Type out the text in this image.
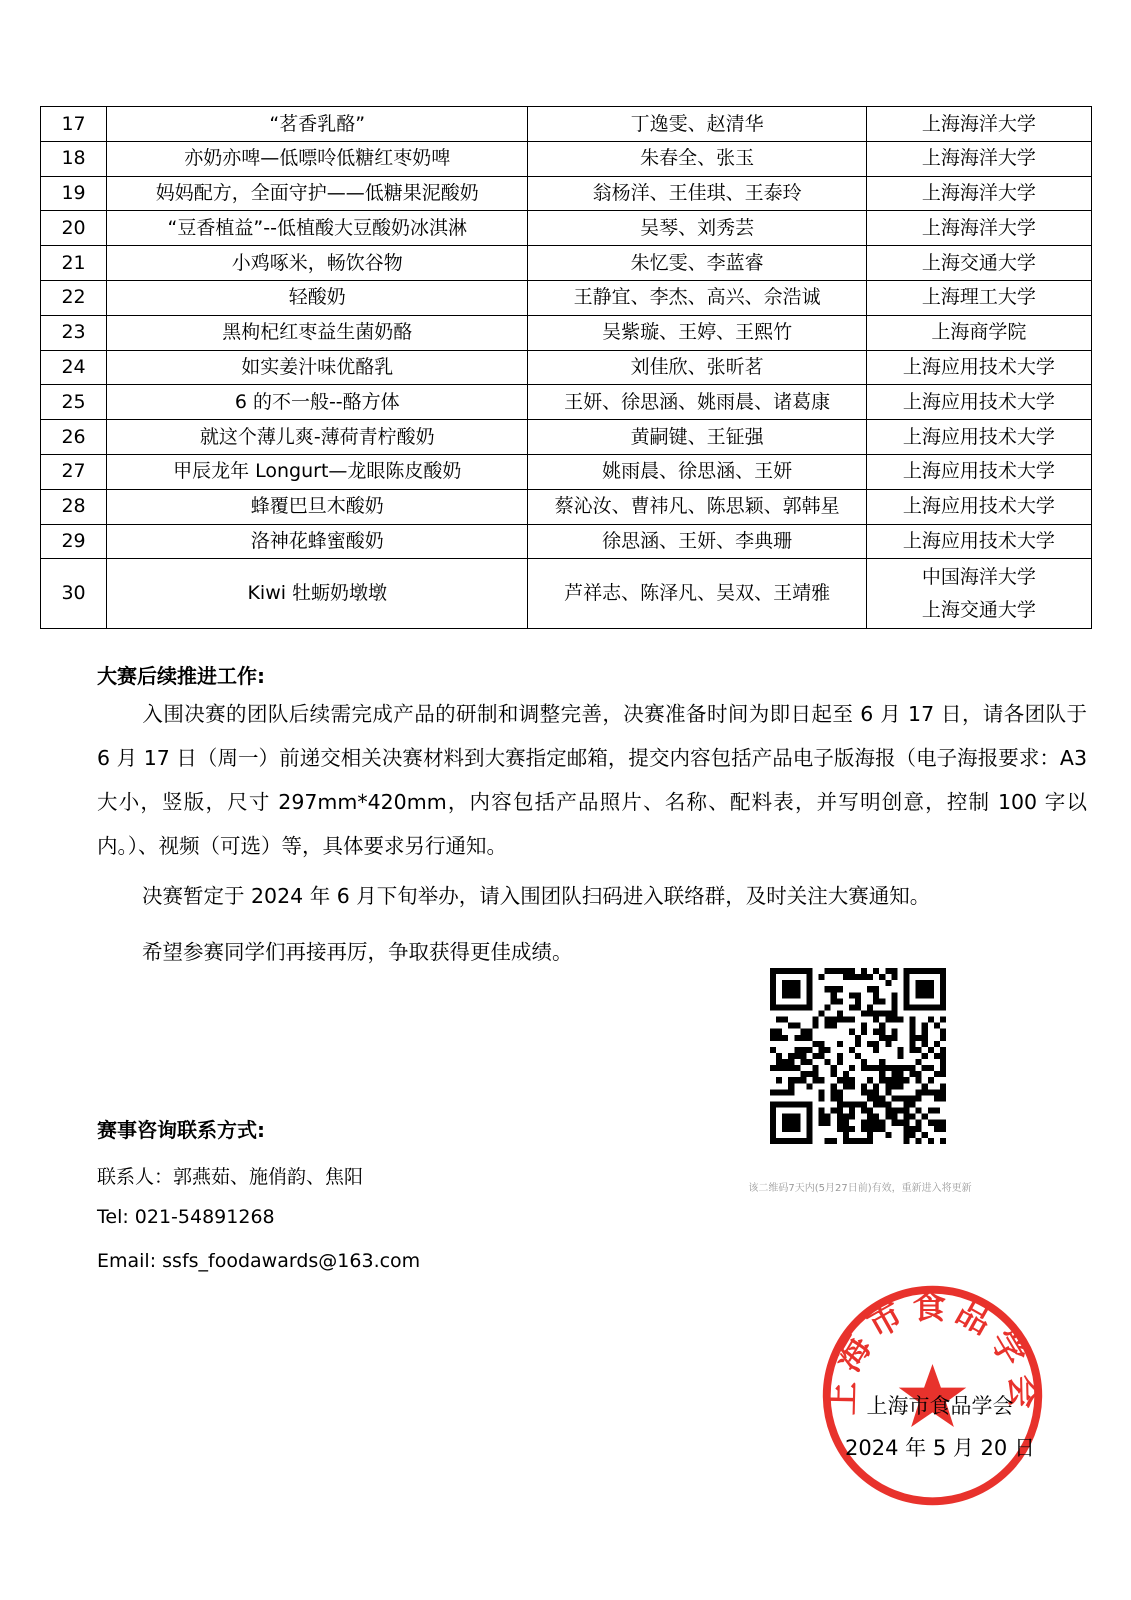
17	“茗香乳酪”	丁逸雯、赵清华	上海海洋大学

18	亦奶亦啤—低嘌呤低糖红枣奶啤	朱春全、张玉	上海海洋大学

19	妈妈配方，全面守护——低糖果泥酸奶	翁杨洋、王佳琪、王泰玲	上海海洋大学

20	“豆香植益”--低植酸大豆酸奶冰淇淋	吴琴、刘秀芸	上海海洋大学

21	小鸡啄米，畅饮谷物	朱忆雯、李蓝睿	上海交通大学

22	轻酸奶	王静宜、李杰、高兴、佘浩诚	上海理工大学

23	黑枸杞红枣益生菌奶酪	吴紫璇、王婷、王熙竹	上海商学院

24	如实姜汁味优酪乳	刘佳欣、张昕茗	上海应用技术大学

25	6 的不一般--酪方体	王妍、徐思涵、姚雨晨、诸葛康	上海应用技术大学

26	就这个薄儿爽-薄荷青柠酸奶	黄嗣键、王钲强	上海应用技术大学

27	甲辰龙年 Longurt—龙眼陈皮酸奶	姚雨晨、徐思涵、王妍	上海应用技术大学

28	蜂覆巴旦木酸奶	蔡沁汝、曹祎凡、陈思颖、郭韩星	上海应用技术大学

29	洛神花蜂蜜酸奶	徐思涵、王妍、李典珊	上海应用技术大学

30	Kiwi 牡蛎奶墩墩	芦祥志、陈泽凡、吴双、王靖雅	中国海洋大学
上海交通大学
大赛后续推进工作:
入围决赛的团队后续需完成产品的研制和调整完善，决赛准备时间为即日起至 6 月 17 日，请各团队于 6 月 17 日（周一）前递交相关决赛材料到大赛指定邮箱，提交内容包括产品电子版海报（电子海报要求：A3 大小，竖版，尺寸 297mm*420mm，内容包括产品照片、名称、配料表，并写明创意，控制 100 字以内。）、视频（可选）等，具体要求另行通知。
决赛暂定于 2024 年 6 月下旬举办，请入围团队扫码进入联络群，及时关注大赛通知。
希望参赛同学们再接再厉，争取获得更佳成绩。
该二维码7天内(5月27日前)有效，重新进入将更新
赛事咨询联系方式:
联系人：郭燕茹、施俏韵、焦阳
Tel: 021-54891268
Email: ssfs_foodawards@163.com
上海市食品学会
上海市食品学会
2024 年 5 月 20 日
